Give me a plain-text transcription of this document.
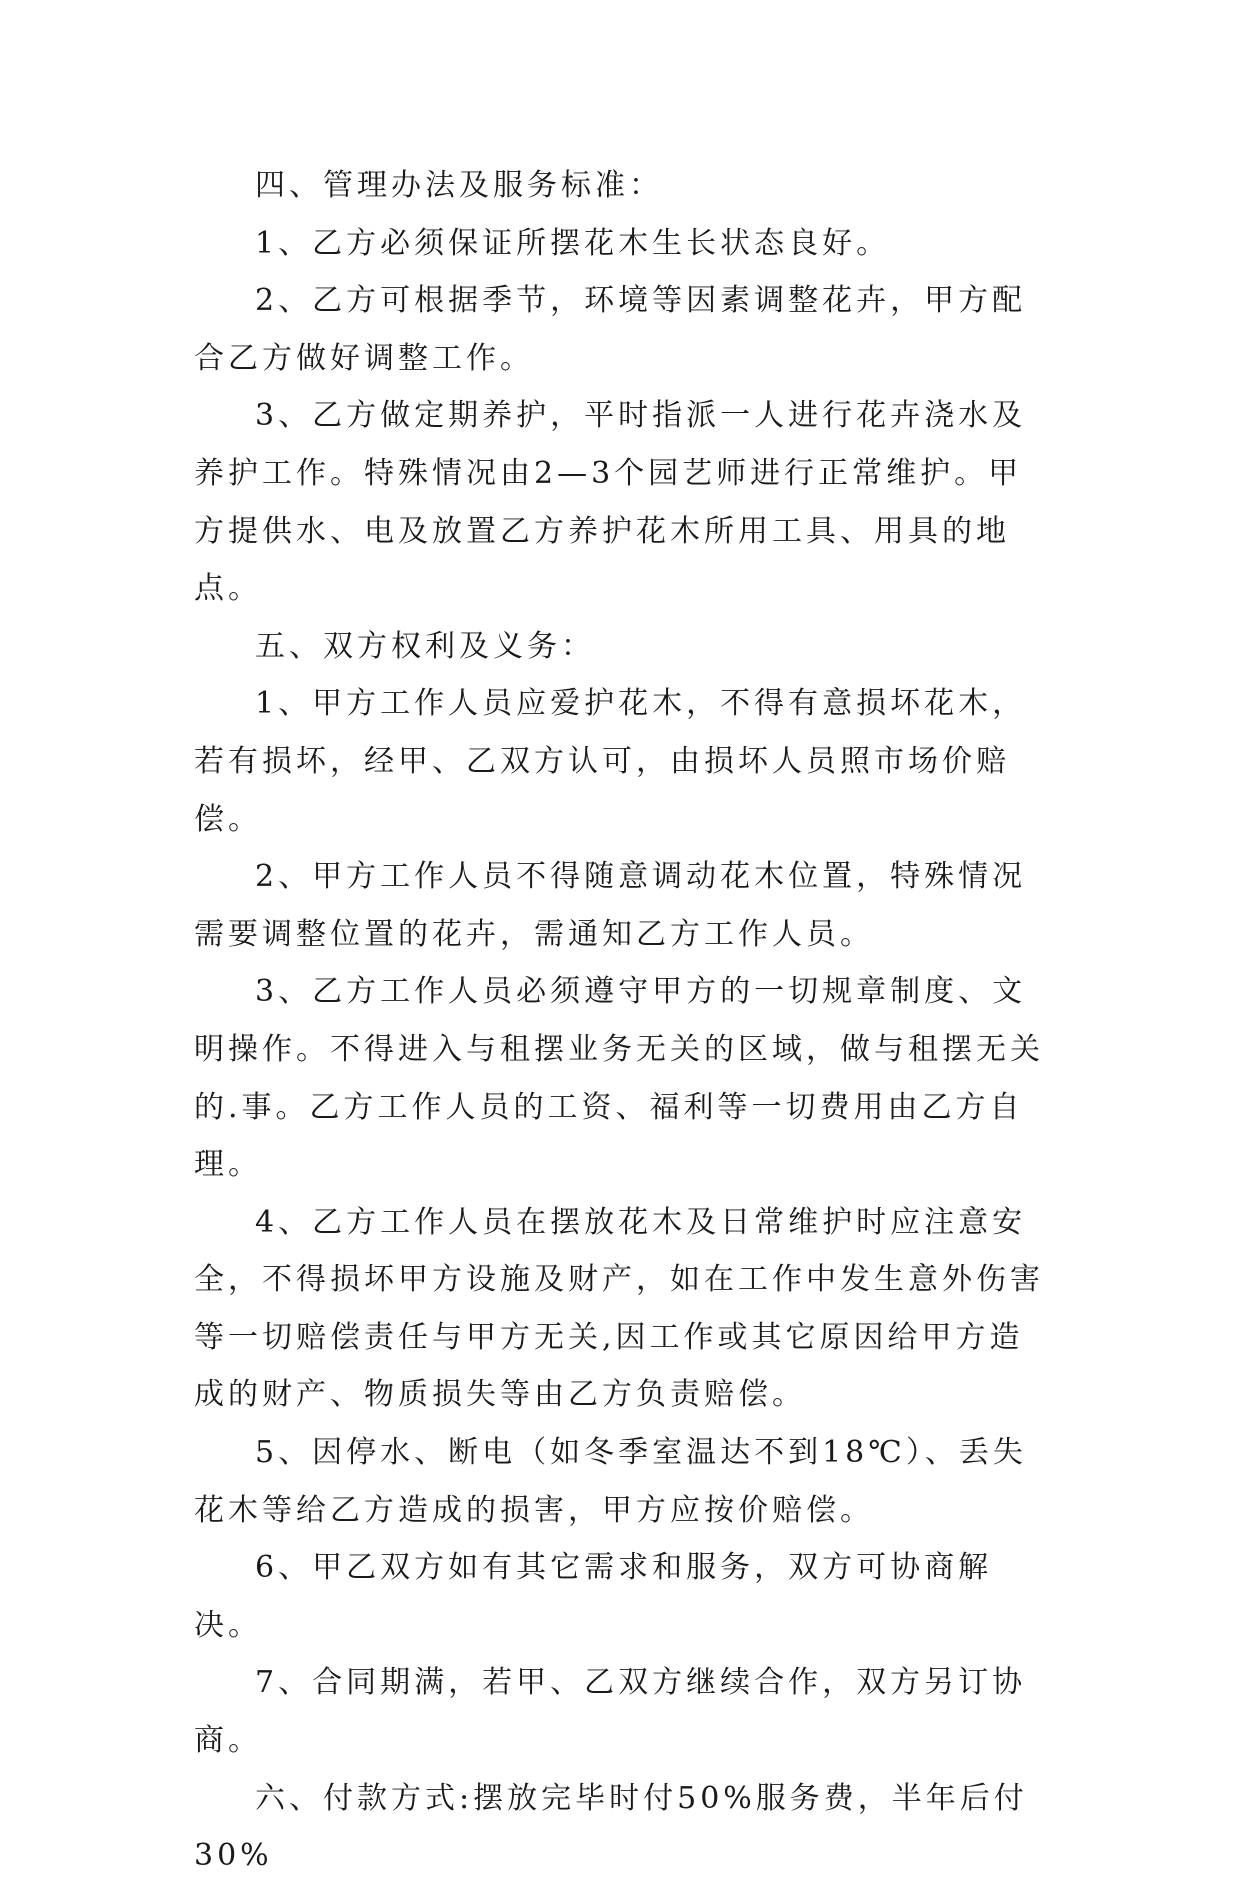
四、管理办法及服务标准：

1、乙方必须保证所摆花木生长状态良好。

2、乙方可根据季节，环境等因素调整花卉，甲方配合乙方做好调整工作。

3、乙方做定期养护，平时指派一人进行花卉浇水及养护工作。特殊情况由2—3个园艺师进行正常维护。甲方提供水、电及放置乙方养护花木所用工具、用具的地点。

五、双方权利及义务：

1、甲方工作人员应爱护花木，不得有意损坏花木，若有损坏，经甲、乙双方认可，由损坏人员照市场价赔偿。

2、甲方工作人员不得随意调动花木位置，特殊情况需要调整位置的花卉，需通知乙方工作人员。

3、乙方工作人员必须遵守甲方的一切规章制度、文明操作。不得进入与租摆业务无关的区域，做与租摆无关的.事。乙方工作人员的工资、福利等一切费用由乙方自理。

4、乙方工作人员在摆放花木及日常维护时应注意安全，不得损坏甲方设施及财产，如在工作中发生意外伤害等一切赔偿责任与甲方无关,因工作或其它原因给甲方造成的财产、物质损失等由乙方负责赔偿。

5、因停水、断电（如冬季室温达不到18℃）、丢失花木等给乙方造成的损害，甲方应按价赔偿。

6、甲乙双方如有其它需求和服务，双方可协商解决。

7、合同期满，若甲、乙双方继续合作，双方另订协商。

六、付款方式:摆放完毕时付50%服务费，半年后付30%
